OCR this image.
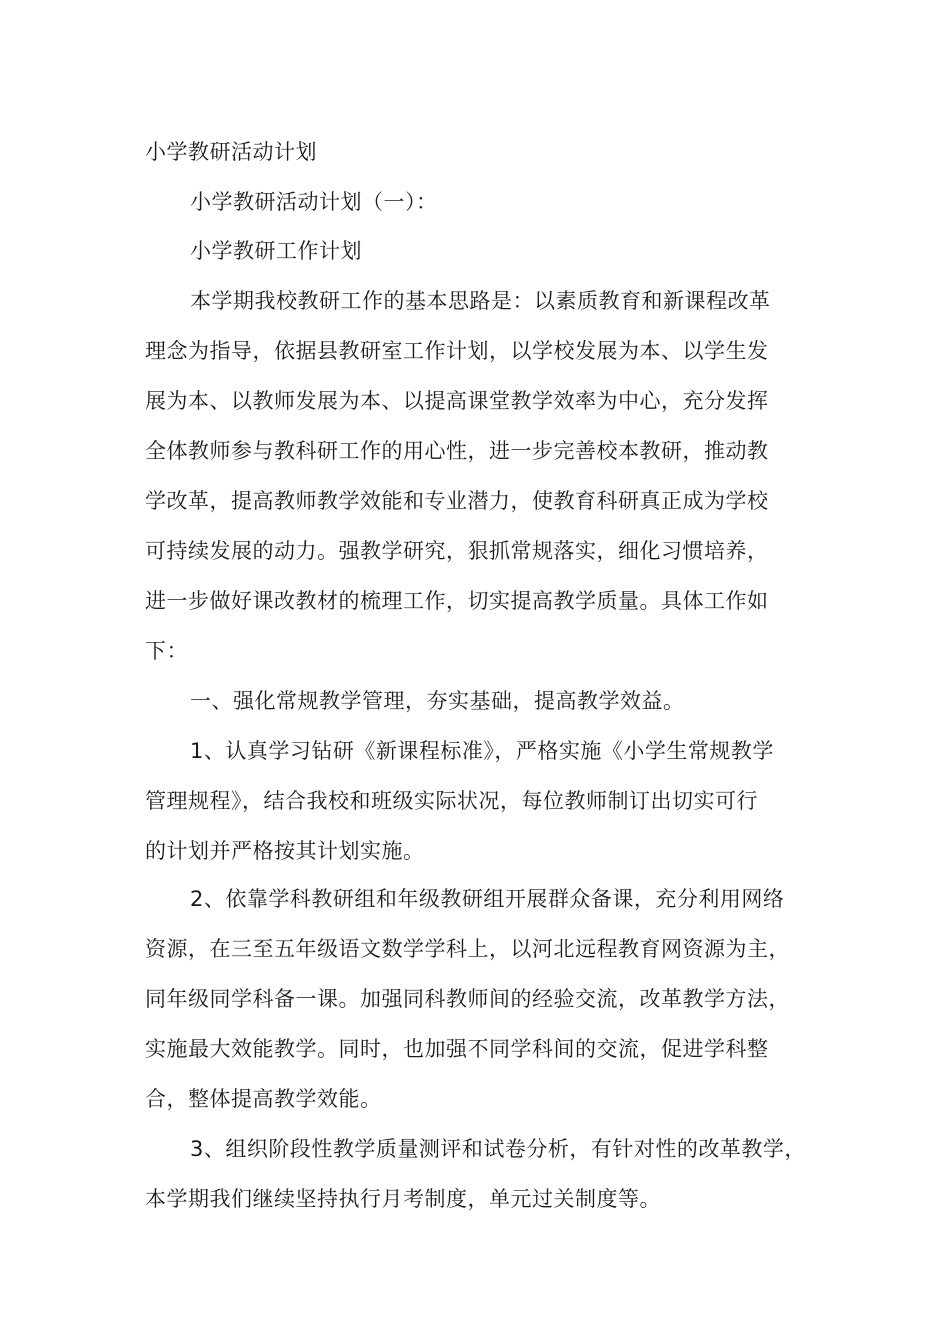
小学教研活动计划
小学教研活动计划（一）：
小学教研工作计划
本学期我校教研工作的基本思路是：以素质教育和新课程改革
理念为指导，依据县教研室工作计划，以学校发展为本、以学生发
展为本、以教师发展为本、以提高课堂教学效率为中心，充分发挥
全体教师参与教科研工作的用心性，进一步完善校本教研，推动教
学改革，提高教师教学效能和专业潜力，使教育科研真正成为学校
可持续发展的动力。强教学研究，狠抓常规落实，细化习惯培养，
进一步做好课改教材的梳理工作，切实提高教学质量。具体工作如
下：
一、强化常规教学管理，夯实基础，提高教学效益。
1、认真学习钻研《新课程标准》，严格实施《小学生常规教学
管理规程》，结合我校和班级实际状况，每位教师制订出切实可行
的计划并严格按其计划实施。
2、依靠学科教研组和年级教研组开展群众备课，充分利用网络
资源，在三至五年级语文数学学科上，以河北远程教育网资源为主，
同年级同学科备一课。加强同科教师间的经验交流，改革教学方法，
实施最大效能教学。同时，也加强不同学科间的交流，促进学科整
合，整体提高教学效能。
3、组织阶段性教学质量测评和试卷分析，有针对性的改革教学，
本学期我们继续坚持执行月考制度，单元过关制度等。
